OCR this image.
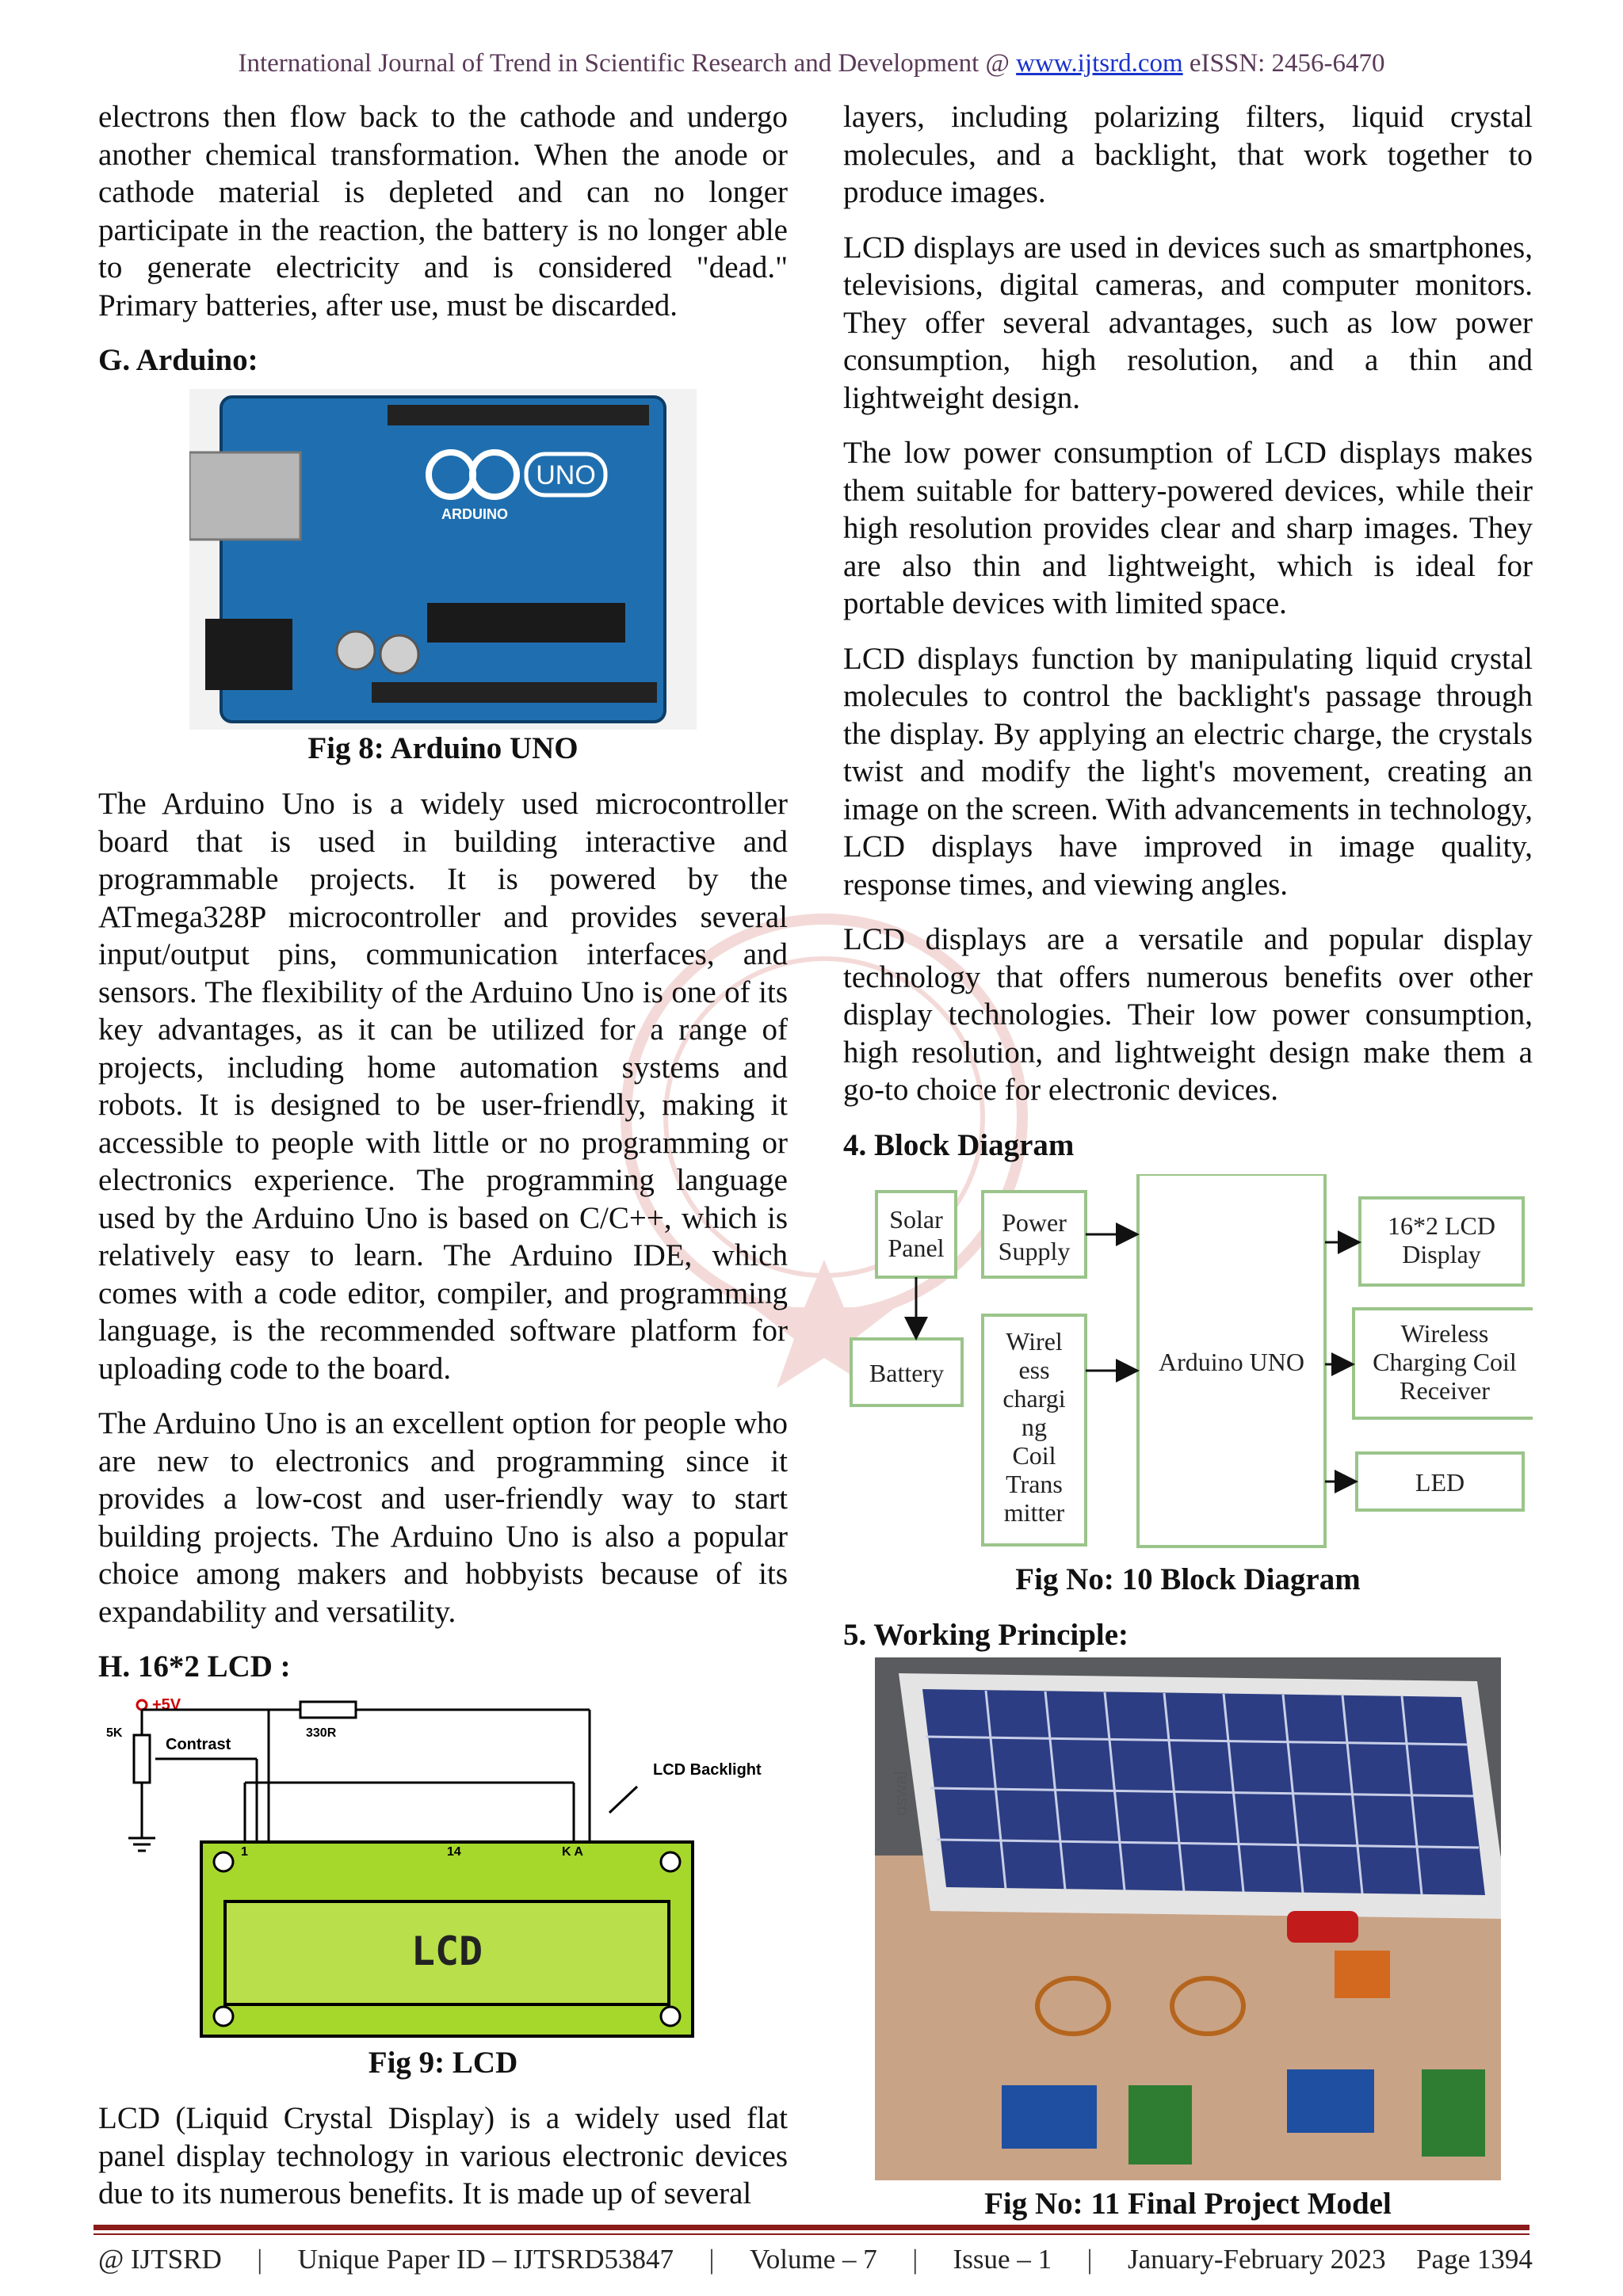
International Journal of Trend in Scientific Research and Development @ www.ijtsrd.com eISSN: 2456-6470

electrons then flow back to the cathode and undergo another chemical transformation. When the anode or cathode material is depleted and can no longer participate in the reaction, the battery is no longer able to generate electricity and is considered "dead." Primary batteries, after use, must be discarded.

G. Arduino:
UNO
ARDUINO
Fig 8: Arduino UNO

The Arduino Uno is a widely used microcontroller board that is used in building interactive and programmable projects. It is powered by the ATmega328P microcontroller and provides several input/output pins, communication interfaces, and sensors. The flexibility of the Arduino Uno is one of its key advantages, as it can be utilized for a range of projects, including home automation systems and robots. It is designed to be user-friendly, making it accessible to people with little or no programming or electronics experience. The programming language used by the Arduino Uno is based on C/C++, which is relatively easy to learn. The Arduino IDE, which comes with a code editor, compiler, and programming language, is the recommended software platform for uploading code to the board.

The Arduino Uno is an excellent option for people who are new to electronics and programming since it provides a low-cost and user-friendly way to start building projects. The Arduino Uno is also a popular choice among makers and hobbyists because of its expandability and versatility.

H. 16*2 LCD :
+5V
5K
Contrast
330R
LCD Backlight
1	14	K A
LCD
Fig 9: LCD

LCD (Liquid Crystal Display) is a widely used flat panel display technology in various electronic devices due to its numerous benefits. It is made up of several

layers, including polarizing filters, liquid crystal molecules, and a backlight, that work together to produce images.

LCD displays are used in devices such as smartphones, televisions, digital cameras, and computer monitors. They offer several advantages, such as low power consumption, high resolution, and a thin and lightweight design.

The low power consumption of LCD displays makes them suitable for battery-powered devices, while their high resolution provides clear and sharp images. They are also thin and lightweight, which is ideal for portable devices with limited space.

LCD displays function by manipulating liquid crystal molecules to control the backlight's passage through the display. By applying an electric charge, the crystals twist and modify the light's movement, creating an image on the screen. With advancements in technology, LCD displays have improved in image quality, response times, and viewing angles.

LCD displays are a versatile and popular display technology that offers numerous benefits over other display technologies. Their low power consumption, high resolution, and lightweight design make them a go-to choice for electronic devices.

4. Block Diagram
Solar
Panel
Power
Supply
Battery
Wirel
ess
chargi
ng
Coil
Trans
mitter
Arduino UNO
16*2 LCD
Display
Wireless
Charging Coil
Receiver
LED
Fig No: 10 Block Diagram
5. Working Principle:
oswal
Fig No: 11 Final Project Model
@ IJTSRD | Unique Paper ID – IJTSRD53847 | Volume – 7 | Issue – 1 | January-February 2023 Page 1394
